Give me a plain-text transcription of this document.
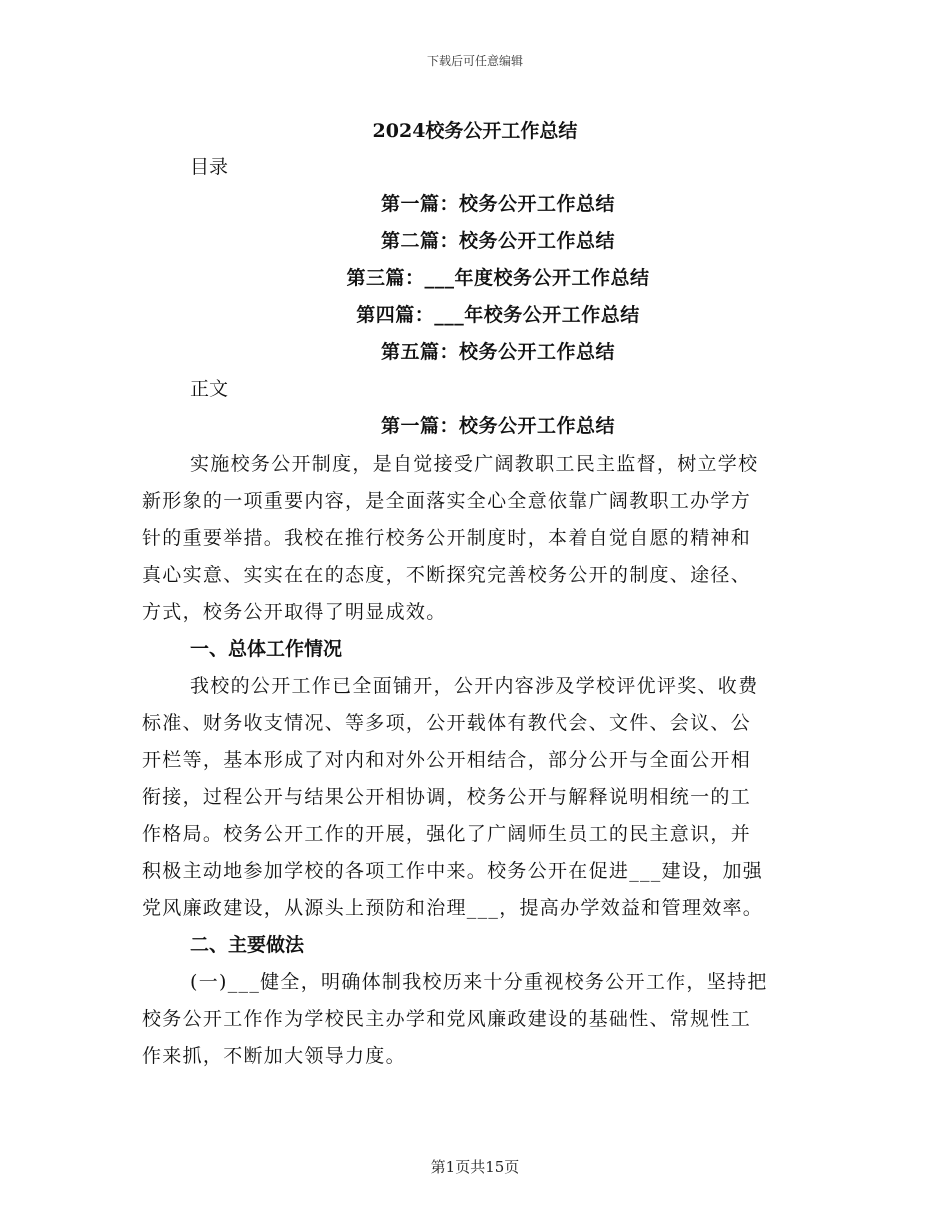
下载后可任意编辑
2024校务公开工作总结
目录
第一篇：校务公开工作总结
第二篇：校务公开工作总结
第三篇：___年度校务公开工作总结
第四篇：___年校务公开工作总结
第五篇：校务公开工作总结
正文
第一篇：校务公开工作总结
实施校务公开制度，是自觉接受广阔教职工民主监督，树立学校
新形象的一项重要内容，是全面落实全心全意依靠广阔教职工办学方
针的重要举措。我校在推行校务公开制度时，本着自觉自愿的精神和
真心实意、实实在在的态度，不断探究完善校务公开的制度、途径、
方式，校务公开取得了明显成效。
一、总体工作情况
我校的公开工作已全面铺开，公开内容涉及学校评优评奖、收费
标准、财务收支情况、等多项，公开载体有教代会、文件、会议、公
开栏等，基本形成了对内和对外公开相结合，部分公开与全面公开相
衔接，过程公开与结果公开相协调，校务公开与解释说明相统一的工
作格局。校务公开工作的开展，强化了广阔师生员工的民主意识，并
积极主动地参加学校的各项工作中来。校务公开在促进___建设，加强
党风廉政建设，从源头上预防和治理___，提高办学效益和管理效率。
二、主要做法
(一)___健全，明确体制我校历来十分重视校务公开工作，坚持把
校务公开工作作为学校民主办学和党风廉政建设的基础性、常规性工
作来抓，不断加大领导力度。
第1页共15页
